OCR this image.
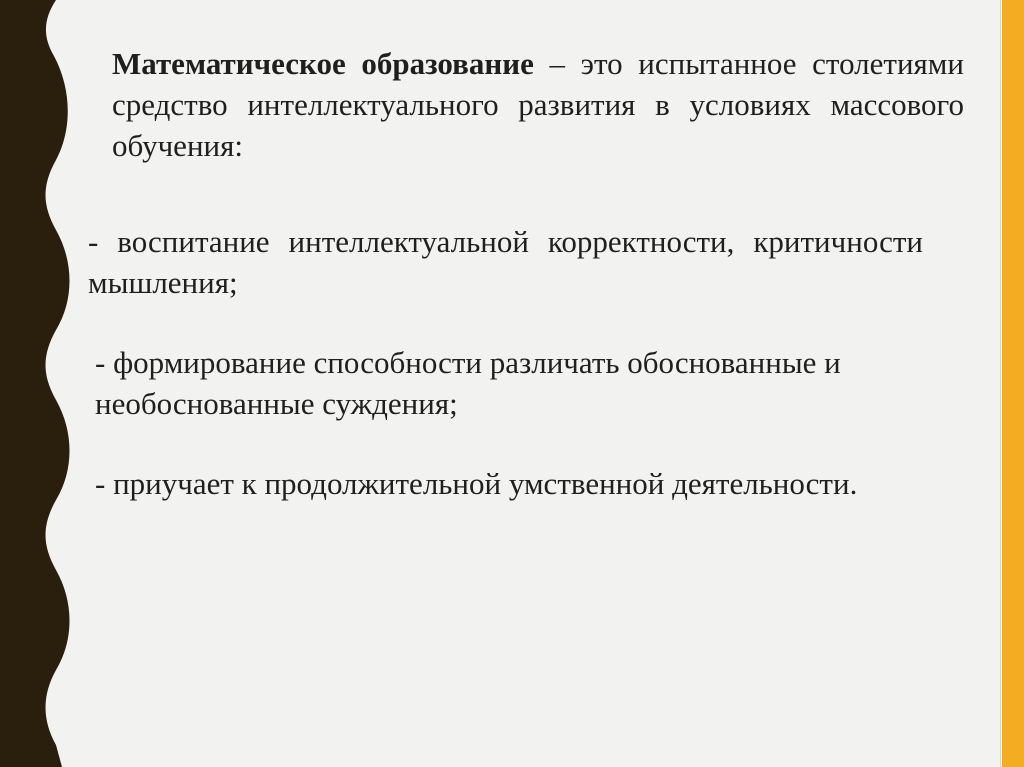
Математическое образование – это испытанное столетиями средство интеллектуального развития в условиях массового обучения:
- воспитание интеллектуальной корректности, критичности мышления;
- формирование способности различать обоснованные и необоснованные суждения;
- приучает к продолжительной умственной деятельности.
